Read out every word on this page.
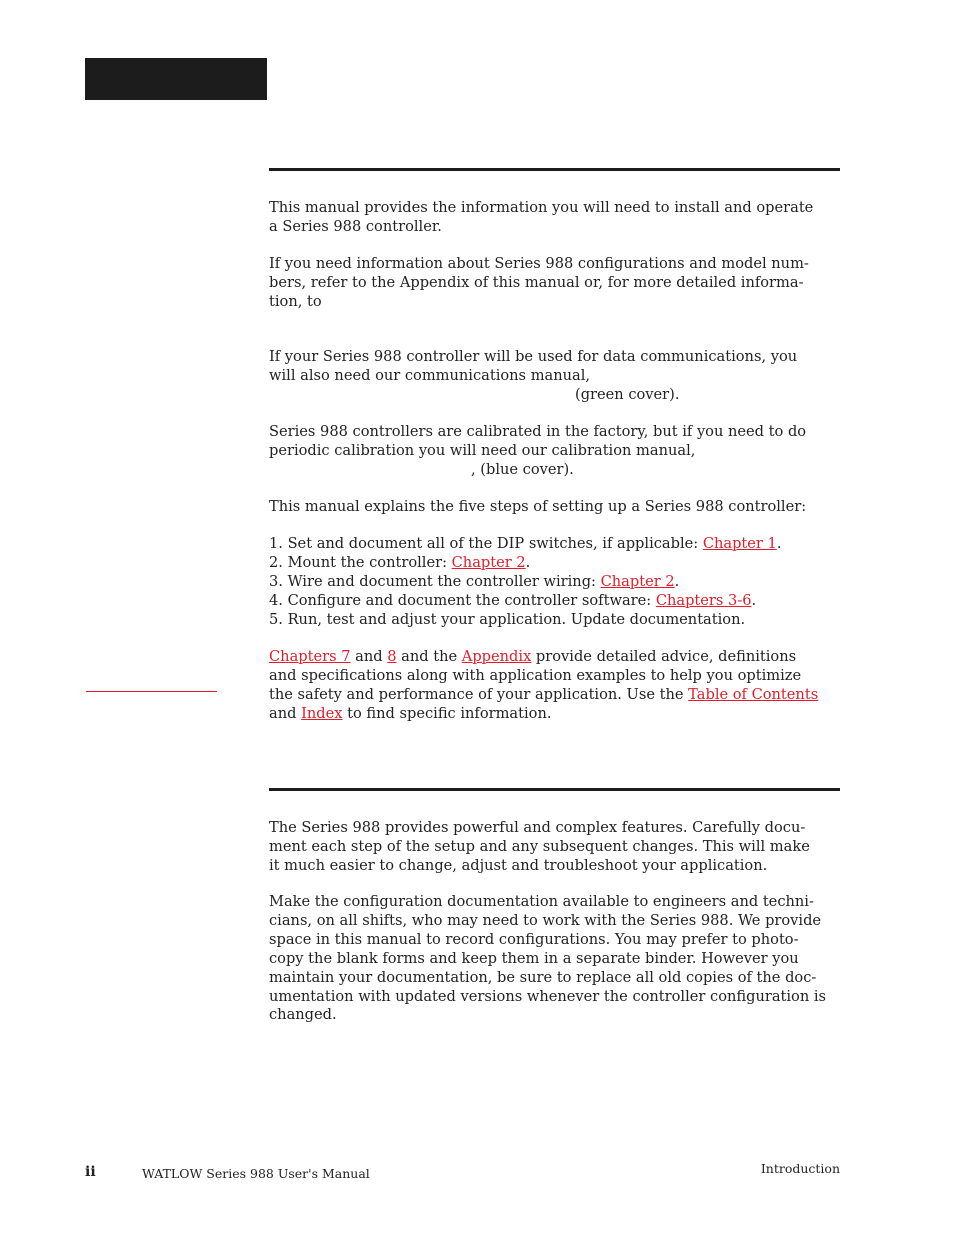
This manual provides the information you will need to install and operate
a Series 988 controller.

If you need information about Series 988 configurations and model num-
bers, refer to the Appendix of this manual or, for more detailed informa-
tion, to

If your Series 988 controller will be used for data communications, you
will also need our communications manual,
(green cover).

Series 988 controllers are calibrated in the factory, but if you need to do
periodic calibration you will need our calibration manual,
, (blue cover).

This manual explains the five steps of setting up a Series 988 controller:

1. Set and document all of the DIP switches, if applicable: Chapter 1.
2. Mount the controller: Chapter 2.
3. Wire and document the controller wiring: Chapter 2.
4. Configure and document the controller software: Chapters 3-6.
5. Run, test and adjust your application. Update documentation.
Chapters 7 and 8 and the Appendix provide detailed advice, definitions
and specifications along with application examples to help you optimize
the safety and performance of your application. Use the Table of Contents
and Index to find specific information.

The Series 988 provides powerful and complex features. Carefully docu-
ment each step of the setup and any subsequent changes. This will make
it much easier to change, adjust and troubleshoot your application.

Make the configuration documentation available to engineers and techni-
cians, on all shifts, who may need to work with the Series 988. We provide
space in this manual to record configurations. You may prefer to photo-
copy the blank forms and keep them in a separate binder. However you
maintain your documentation, be sure to replace all old copies of the doc-
umentation with updated versions whenever the controller configuration is
changed.

ii	WATLOW Series 988 User's Manual	Introduction
